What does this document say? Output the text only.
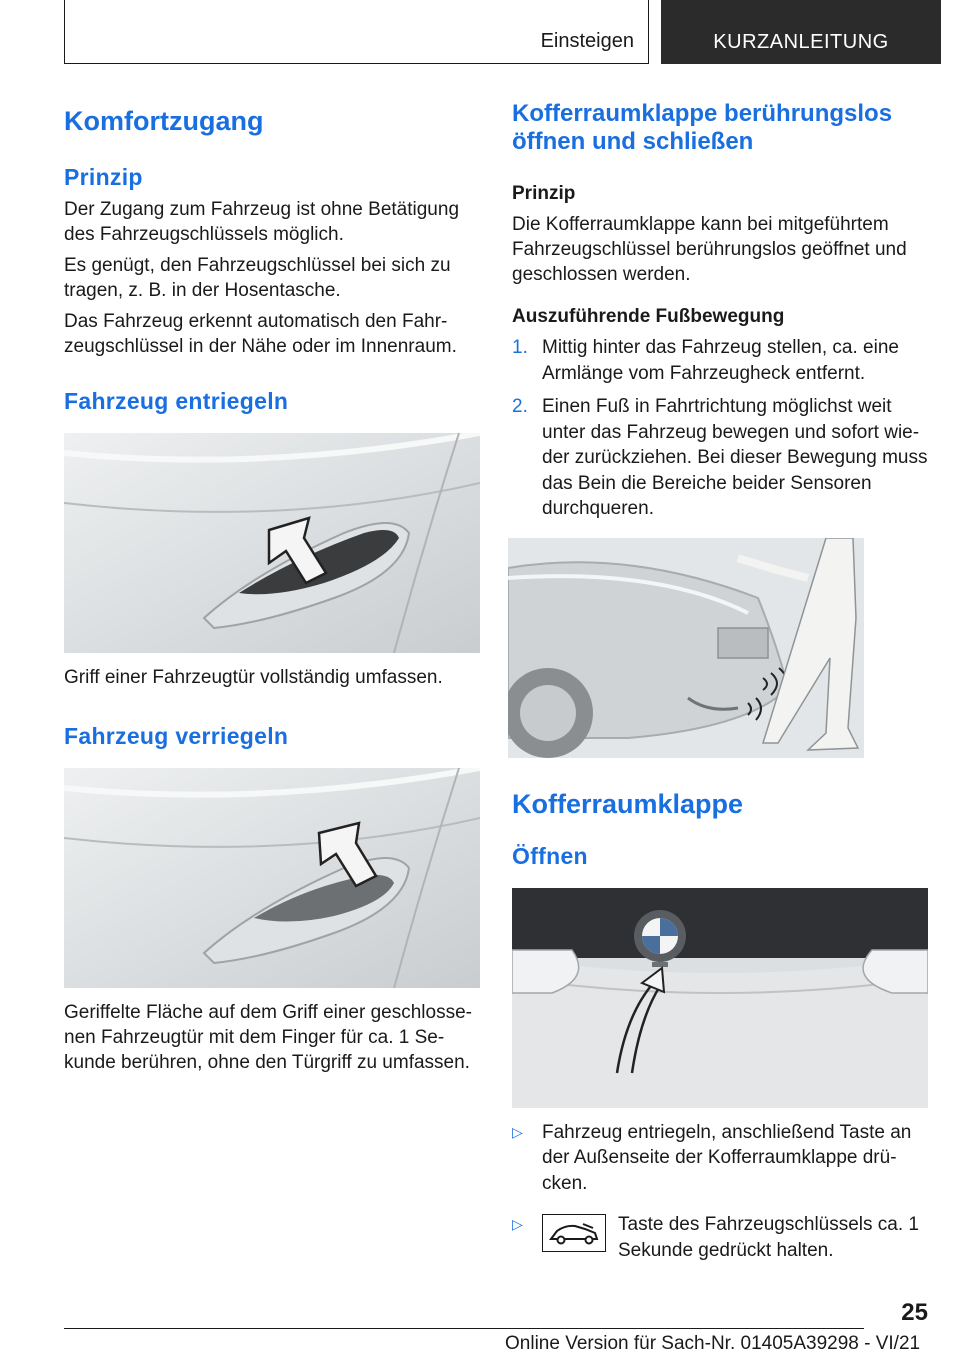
Einsteigen	KURZANLEITUNG
Komfortzugang
Prinzip

Der Zugang zum Fahrzeug ist ohne Betätigung des Fahrzeugschlüssels möglich.

Es genügt, den Fahrzeugschlüssel bei sich zu tragen, z. B. in der Hosentasche.

Das Fahrzeug erkennt automatisch den Fahr-zeugschlüssel in der Nähe oder im Innenraum.

Fahrzeug entriegeln

Griff einer Fahrzeugtür vollständig umfassen.

Fahrzeug verriegeln

Geriffelte Fläche auf dem Griff einer geschlosse-nen Fahrzeugtür mit dem Finger für ca. 1 Se-kunde berühren, ohne den Türgriff zu umfassen.

Kofferraumklappe berührungslos öffnen und schließen
Prinzip

Die Kofferraumklappe kann bei mitgeführtem Fahrzeugschlüssel berührungslos geöffnet und geschlossen werden.

Auszuführende Fußbewegung
1. Mittig hinter das Fahrzeug stellen, ca. eine Armlänge vom Fahrzeugheck entfernt.
2. Einen Fuß in Fahrtrichtung möglichst weit unter das Fahrzeug bewegen und sofort wie-der zurückziehen. Bei dieser Bewegung muss das Bein die Bereiche beider Sensoren durchqueren.
Kofferraumklappe
Öffnen
▷ Fahrzeug entriegeln, anschließend Taste an der Außenseite der Kofferraumklappe drü-cken.
▷	Taste des Fahrzeugschlüssels ca. 1 Sekunde gedrückt halten.
25
Online Version für Sach-Nr. 01405A39298 - VI/21
